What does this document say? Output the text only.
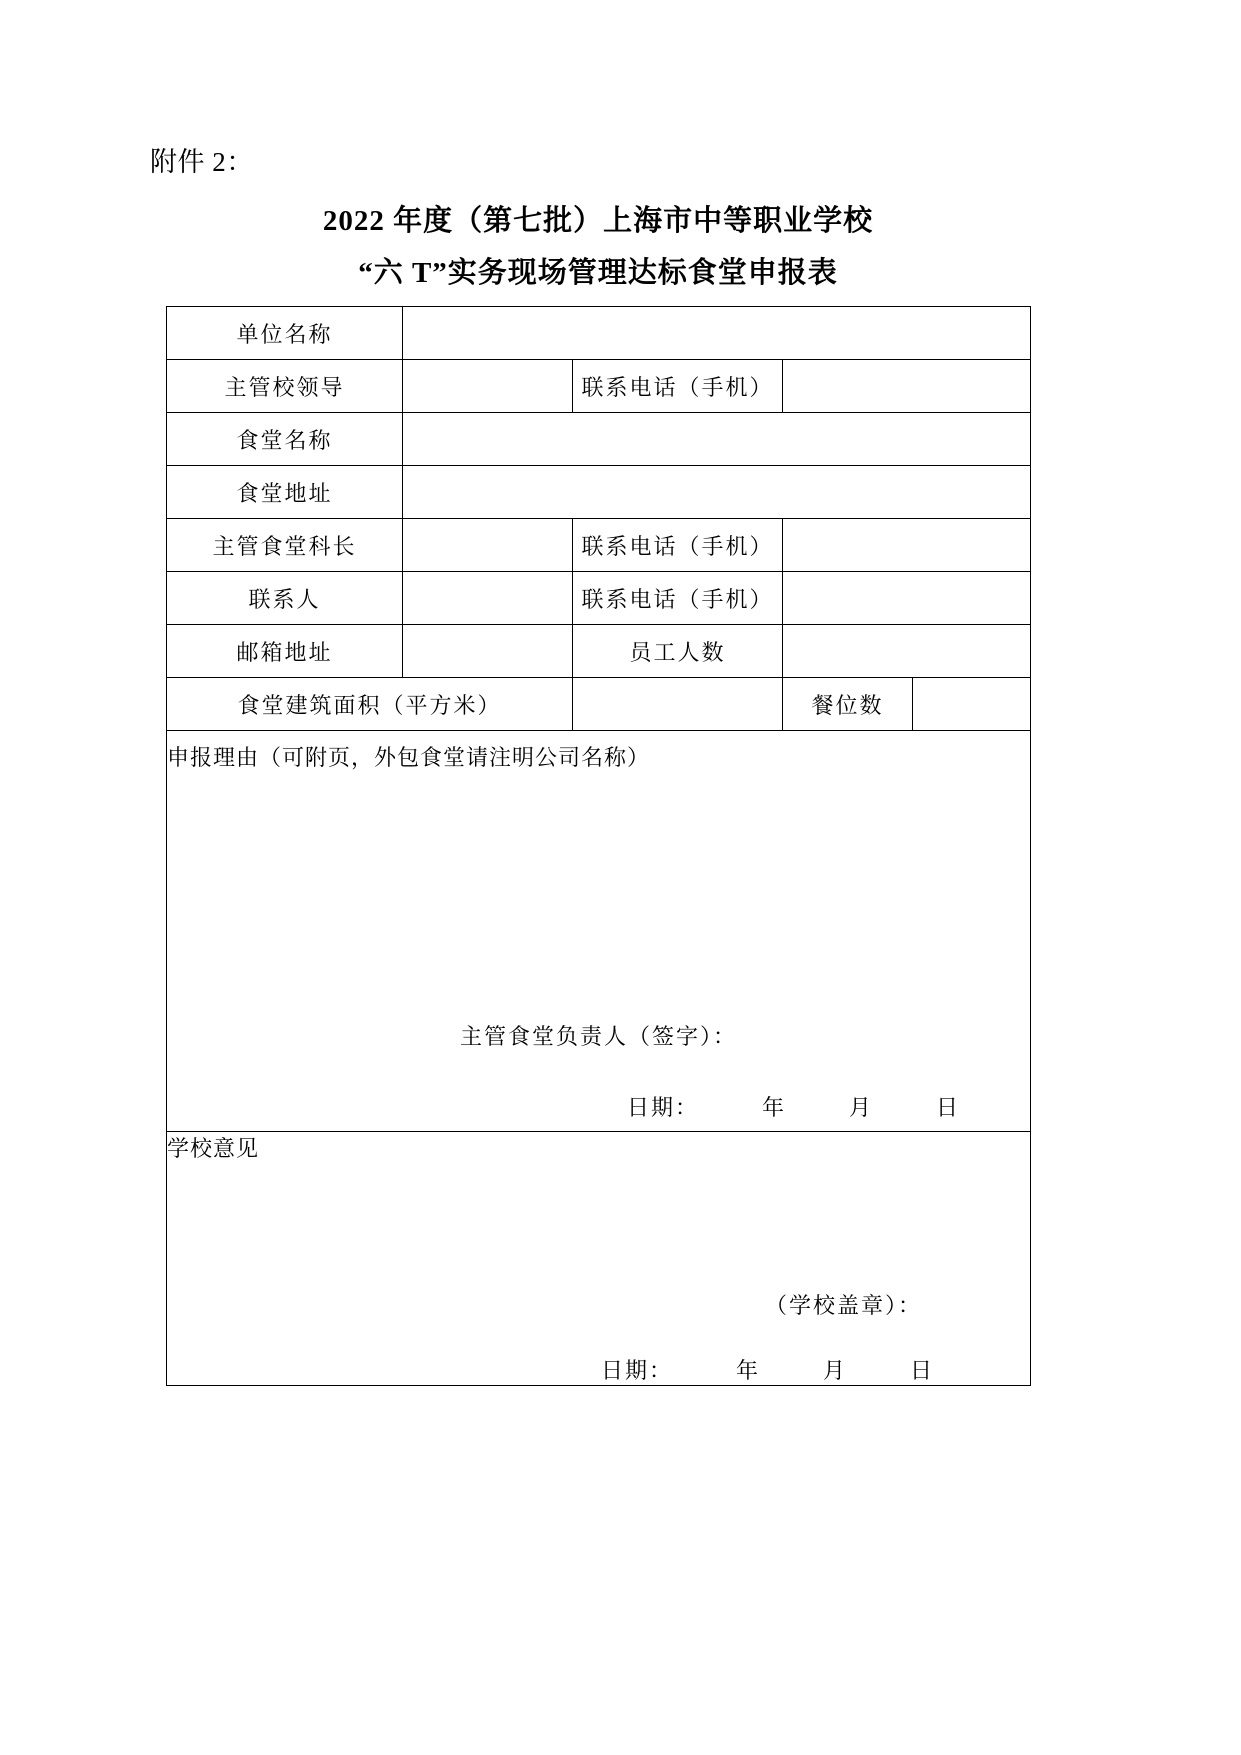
附件 2：
2022 年度（第七批）上海市中等职业学校
“六 T”实务现场管理达标食堂申报表
单位名称				
主管校领导		联系电话（手机）		
食堂名称				
食堂地址				
主管食堂科长		联系电话（手机）		
联系人		联系电话（手机）		
邮箱地址		员工人数		
食堂建筑面积（平方米）			餐位数	

申报理由（可附页，外包食堂请注明公司名称）
主管食堂负责人（签字）：
日期： 年 月 日				

学校意见
（学校盖章）：
日期： 年 月 日				
